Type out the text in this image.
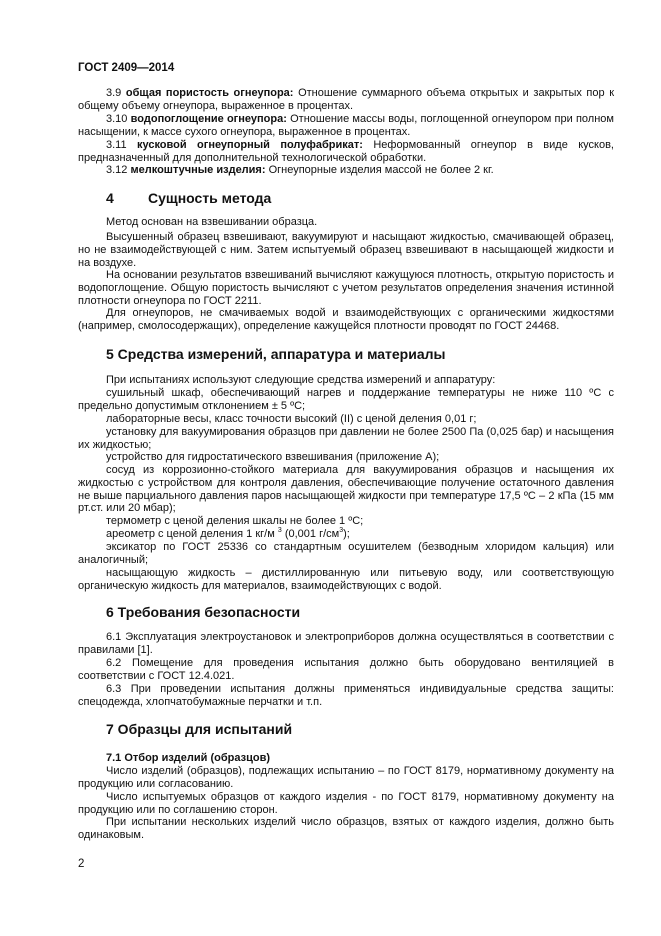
ГОСТ 2409—2014

3.9 общая пористость огнеупора: Отношение суммарного объема открытых и закрытых пор к общему объему огнеупора, выраженное в процентах.

3.10 водопоглощение огнеупора: Отношение массы воды, поглощенной огнеупором при полном насыщении, к массе сухого огнеупора, выраженное в процентах.

3.11 кусковой огнеупорный полуфабрикат: Неформованный огнеупор в виде кусков, предназначенный для дополнительной технологической обработки.

3.12 мелкоштучные изделия: Огнеупорные изделия массой не более 2 кг.

4 Сущность метода

Метод основан на взвешивании образца.

Высушенный образец взвешивают, вакуумируют и насыщают жидкостью, смачивающей образец, но не взаимодействующей с ним. Затем испытуемый образец взвешивают в насыщающей жидкости и на воздухе.

На основании результатов взвешиваний вычисляют кажущуюся плотность, открытую пористость и водопоглощение. Общую пористость вычисляют с учетом результатов определения значения истинной плотности огнеупора по ГОСТ 2211.

Для огнеупоров, не смачиваемых водой и взаимодействующих с органическими жидкостями (например, смолосодержащих), определение кажущейся плотности проводят по ГОСТ 24468.

5 Средства измерений, аппаратура и материалы

При испытаниях используют следующие средства измерений и аппаратуру:

сушильный шкаф, обеспечивающий нагрев и поддержание температуры не ниже 110 ºС с предельно допустимым отклонением ± 5 ºС;

лабораторные весы, класс точности высокий (II) с ценой деления 0,01 г;

установку для вакуумирования образцов при давлении не более 2500 Па (0,025 бар) и насыщения их жидкостью;

устройство для гидростатического взвешивания (приложение А);

сосуд из коррозионно-стойкого материала для вакуумирования образцов и насыщения их жидкостью с устройством для контроля давления, обеспечивающие получение остаточного давления не выше парциального давления паров насыщающей жидкости при температуре 17,5 ºС – 2 кПа (15 мм рт.ст. или 20 мбар);

термометр с ценой деления шкалы не более 1 ºС;

ареометр с ценой деления 1 кг/м $^3$ (0,001 $г/см^3$);

эксикатор по ГОСТ 25336 со стандартным осушителем (безводным хлоридом кальция) или аналогичный;

насыщающую жидкость – дистиллированную или питьевую воду, или соответствующую органическую жидкость для материалов, взаимодействующих с водой.

6 Требования безопасности

6.1 Эксплуатация электроустановок и электроприборов должна осуществляться в соответствии с правилами [1].

6.2 Помещение для проведения испытания должно быть оборудовано вентиляцией в соответствии с ГОСТ 12.4.021.

6.3 При проведении испытания должны применяться индивидуальные средства защиты: спецодежда, хлопчатобумажные перчатки и т.п.

7 Образцы для испытаний

7.1 Отбор изделий (образцов)

Число изделий (образцов), подлежащих испытанию – по ГОСТ 8179, нормативному документу на продукцию или согласованию.

Число испытуемых образцов от каждого изделия - по ГОСТ 8179, нормативному документу на продукцию или по соглашению сторон.

При испытании нескольких изделий число образцов, взятых от каждого изделия, должно быть одинаковым.

2
